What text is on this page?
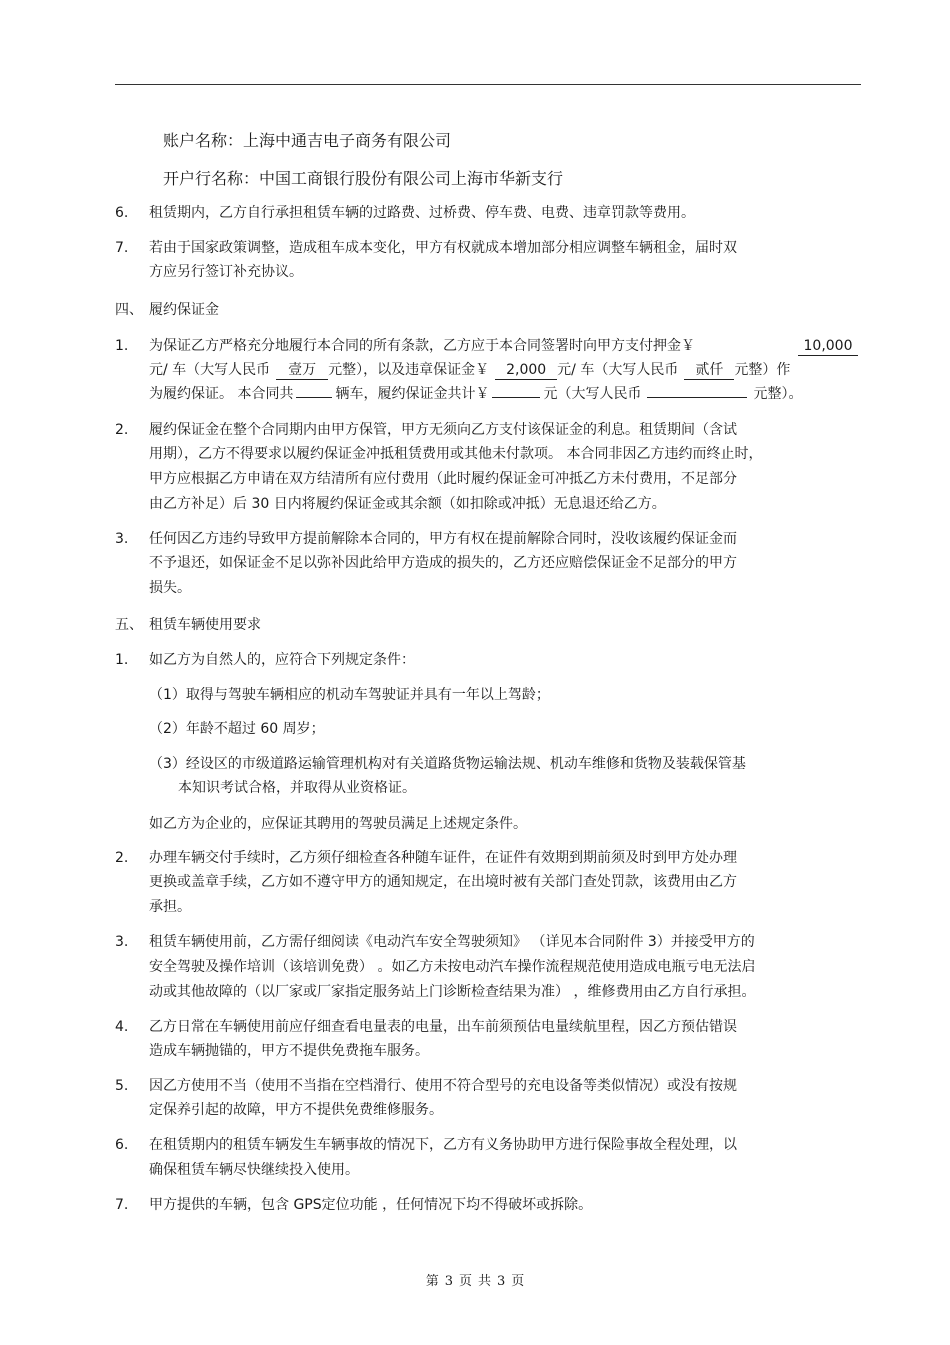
账户名称：上海中通吉电子商务有限公司
开户行名称：中国工商银行股份有限公司上海市华新支行
6. 租赁期内，乙方自行承担租赁车辆的过路费、过桥费、停车费、电费、违章罚款等费用。
7. 若由于国家政策调整，造成租车成本变化，甲方有权就成本增加部分相应调整车辆租金，届时双
方应另行签订补充协议。
四、 履约保证金
1. 为保证乙方严格充分地履行本合同的所有条款，乙方应于本合同签署时向甲方支付押金￥	10,000
元/ 车（大写人民币 壹万 元整），以及违章保证金￥ 2,000 元/ 车（大写人民币 贰仟 元整）作
为履约保证。 本合同共	辆车，履约保证金共计￥	元（大写人民币	元整）。
2. 履约保证金在整个合同期内由甲方保管，甲方无须向乙方支付该保证金的利息。租赁期间（含试
用期），乙方不得要求以履约保证金冲抵租赁费用或其他未付款项。 本合同非因乙方违约而终止时，
甲方应根据乙方申请在双方结清所有应付费用（此时履约保证金可冲抵乙方未付费用，不足部分
由乙方补足）后 30 日内将履约保证金或其余额（如扣除或冲抵）无息退还给乙方。
3. 任何因乙方违约导致甲方提前解除本合同的，甲方有权在提前解除合同时，没收该履约保证金而
不予退还，如保证金不足以弥补因此给甲方造成的损失的，乙方还应赔偿保证金不足部分的甲方
损失。
五、 租赁车辆使用要求
1. 如乙方为自然人的，应符合下列规定条件：
（1）取得与驾驶车辆相应的机动车驾驶证并具有一年以上驾龄；
（2）年龄不超过 60 周岁；
（3）经设区的市级道路运输管理机构对有关道路货物运输法规、机动车维修和货物及装载保管基
本知识考试合格，并取得从业资格证。
如乙方为企业的，应保证其聘用的驾驶员满足上述规定条件。
2. 办理车辆交付手续时，乙方须仔细检查各种随车证件，在证件有效期到期前须及时到甲方处办理
更换或盖章手续，乙方如不遵守甲方的通知规定，在出境时被有关部门查处罚款，该费用由乙方
承担。
3. 租赁车辆使用前，乙方需仔细阅读《电动汽车安全驾驶须知》 （详见本合同附件 3）并接受甲方的
安全驾驶及操作培训（该培训免费） 。如乙方未按电动汽车操作流程规范使用造成电瓶亏电无法启
动或其他故障的（以厂家或厂家指定服务站上门诊断检查结果为准） ，维修费用由乙方自行承担。
4. 乙方日常在车辆使用前应仔细查看电量表的电量，出车前须预估电量续航里程，因乙方预估错误
造成车辆抛锚的，甲方不提供免费拖车服务。
5. 因乙方使用不当（使用不当指在空档滑行、使用不符合型号的充电设备等类似情况）或没有按规
定保养引起的故障，甲方不提供免费维修服务。
6. 在租赁期内的租赁车辆发生车辆事故的情况下，乙方有义务协助甲方进行保险事故全程处理，以
确保租赁车辆尽快继续投入使用。
7. 甲方提供的车辆，包含 GPS定位功能 ，任何情况下均不得破坏或拆除。
第 3 页 共 3 页
